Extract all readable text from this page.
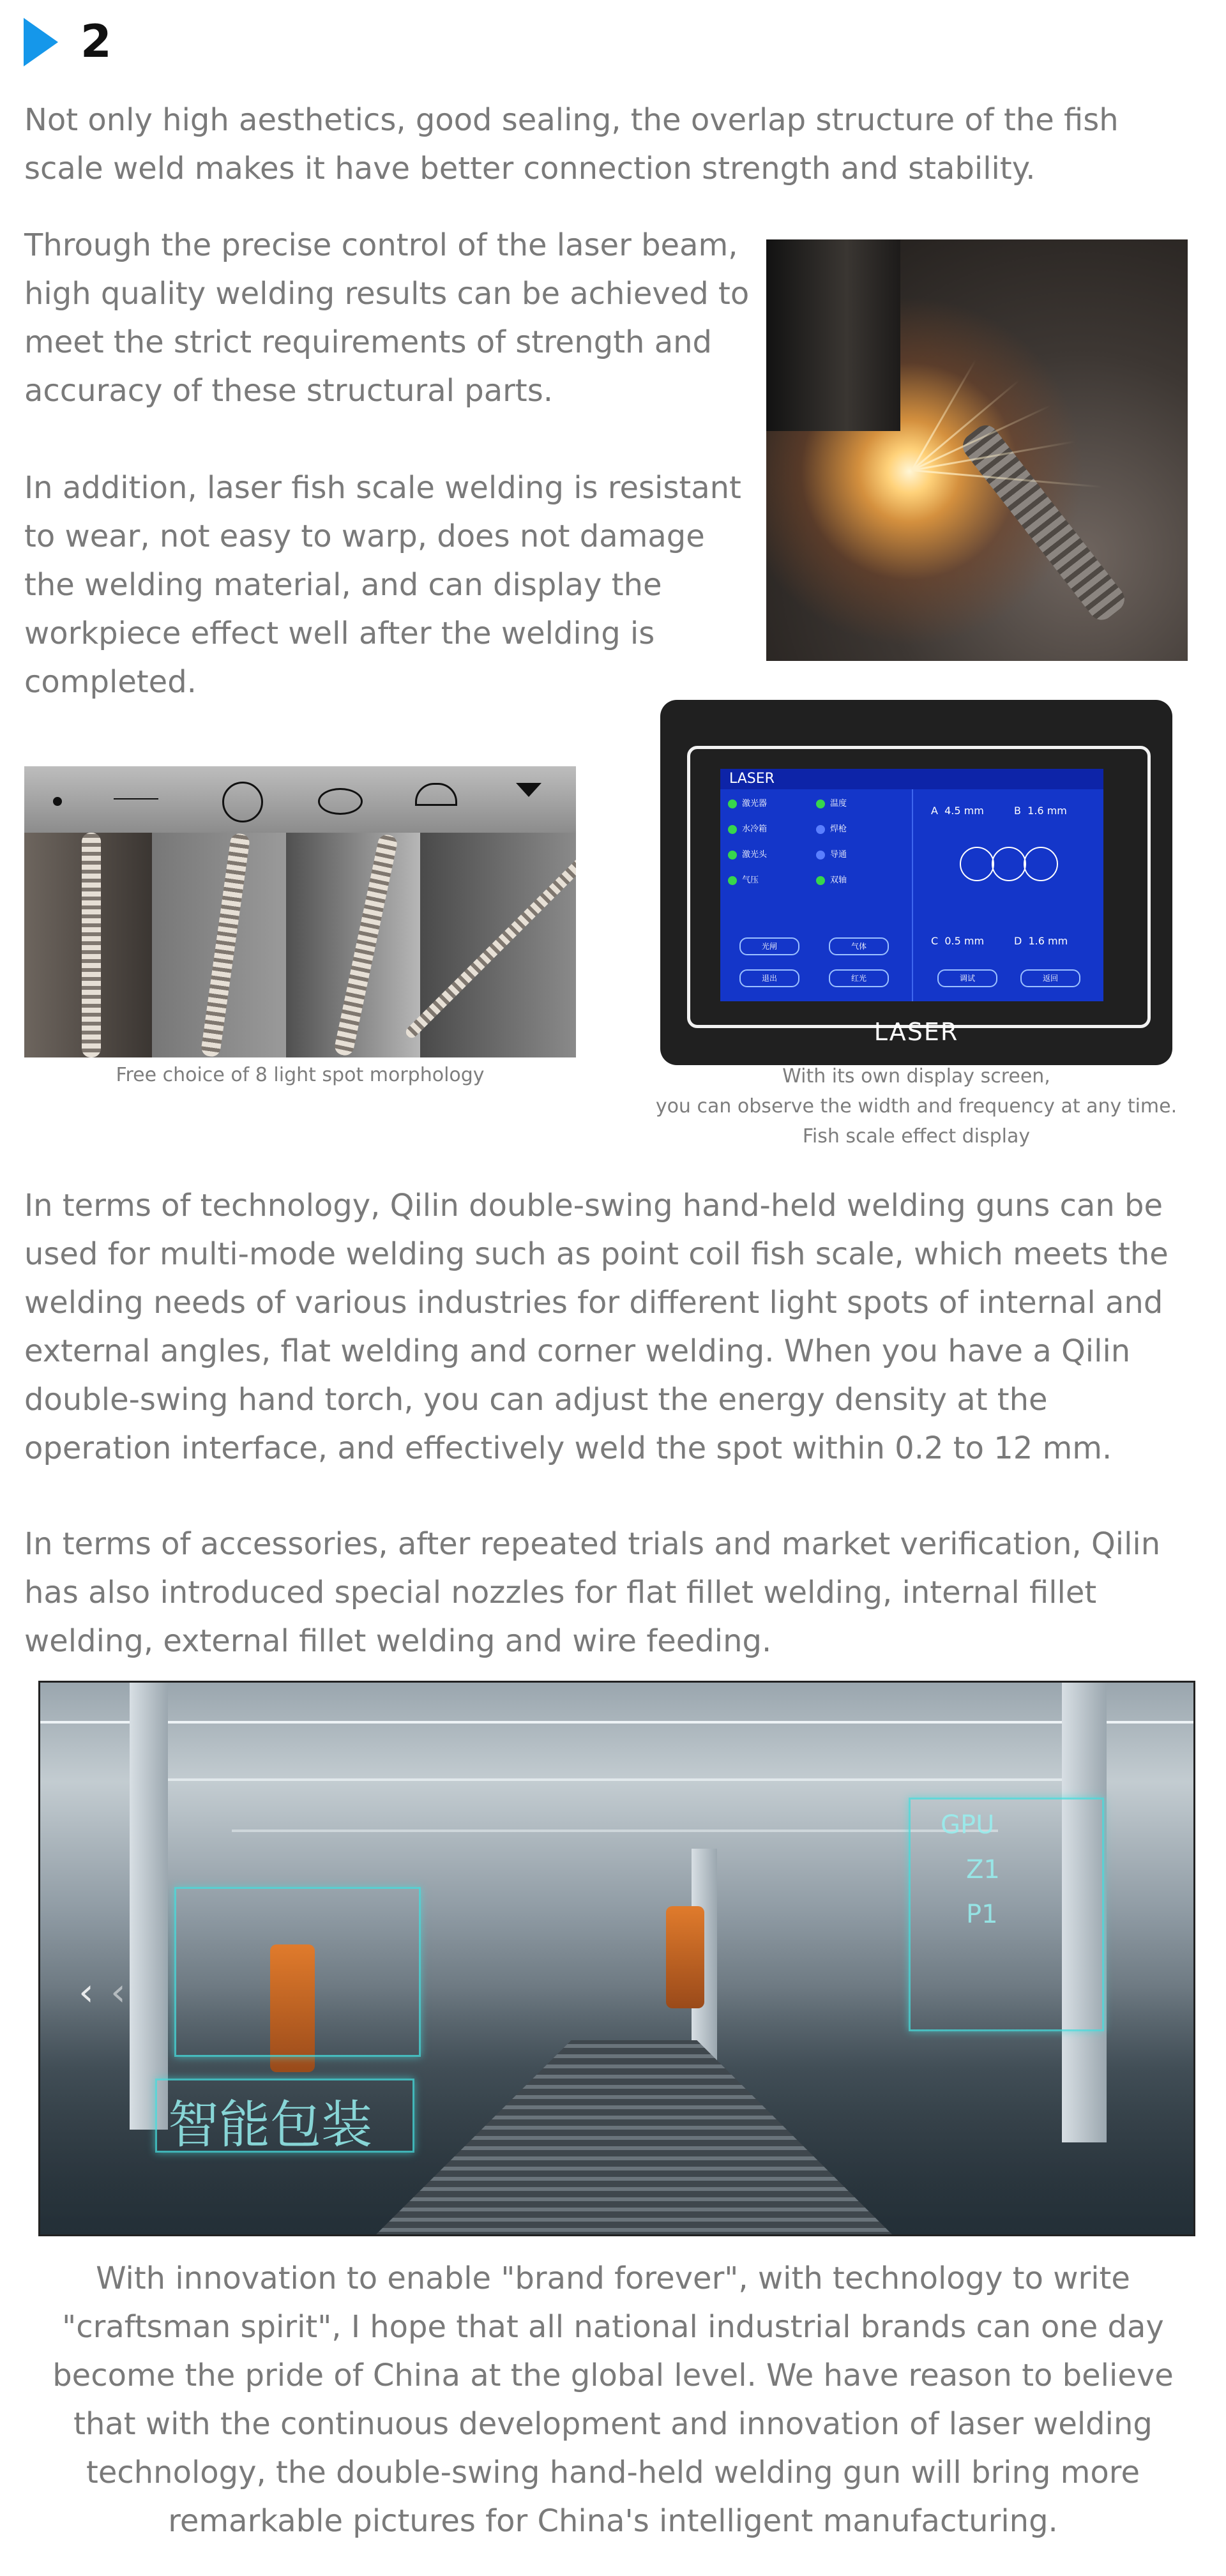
2

Not only high aesthetics, good sealing, the overlap structure of the fish scale weld makes it have better connection strength and stability.

Through the precise control of the laser beam, high quality welding results can be achieved to meet the strict requirements of strength and accuracy of these structural parts.

In addition, laser fish scale welding is resistant to wear, not easy to warp, does not damage the welding material, and can display the workpiece effect well after the welding is completed.

Free choice of 8 light spot morphology
LASER
激光器
水冷箱
激光头
气压
温度
焊枪
导通
双轴
光闸	气体
退出	红光	调试	返回
A 4.5 mm	B 1.6 mm
C 0.5 mm	D 1.6 mm
LASER
With its own display screen,
you can observe the width and frequency at any time.
Fish scale effect display

In terms of technology, Qilin double-swing hand-held welding guns can be used for multi-mode welding such as point coil fish scale, which meets the welding needs of various industries for different light spots of internal and external angles, flat welding and corner welding. When you have a Qilin double-swing hand torch, you can adjust the energy density at the operation interface, and effectively weld the spot within 0.2 to 12 mm.

In terms of accessories, after repeated trials and market verification, Qilin has also introduced special nozzles for flat fillet welding, internal fillet welding, external fillet welding and wire feeding.

智能包装
GPU
Z1
P1
‹ ‹

With innovation to enable "brand forever", with technology to write "craftsman spirit", I hope that all national industrial brands can one day become the pride of China at the global level. We have reason to believe that with the continuous development and innovation of laser welding technology, the double-swing hand-held welding gun will bring more remarkable pictures for China's intelligent manufacturing.
